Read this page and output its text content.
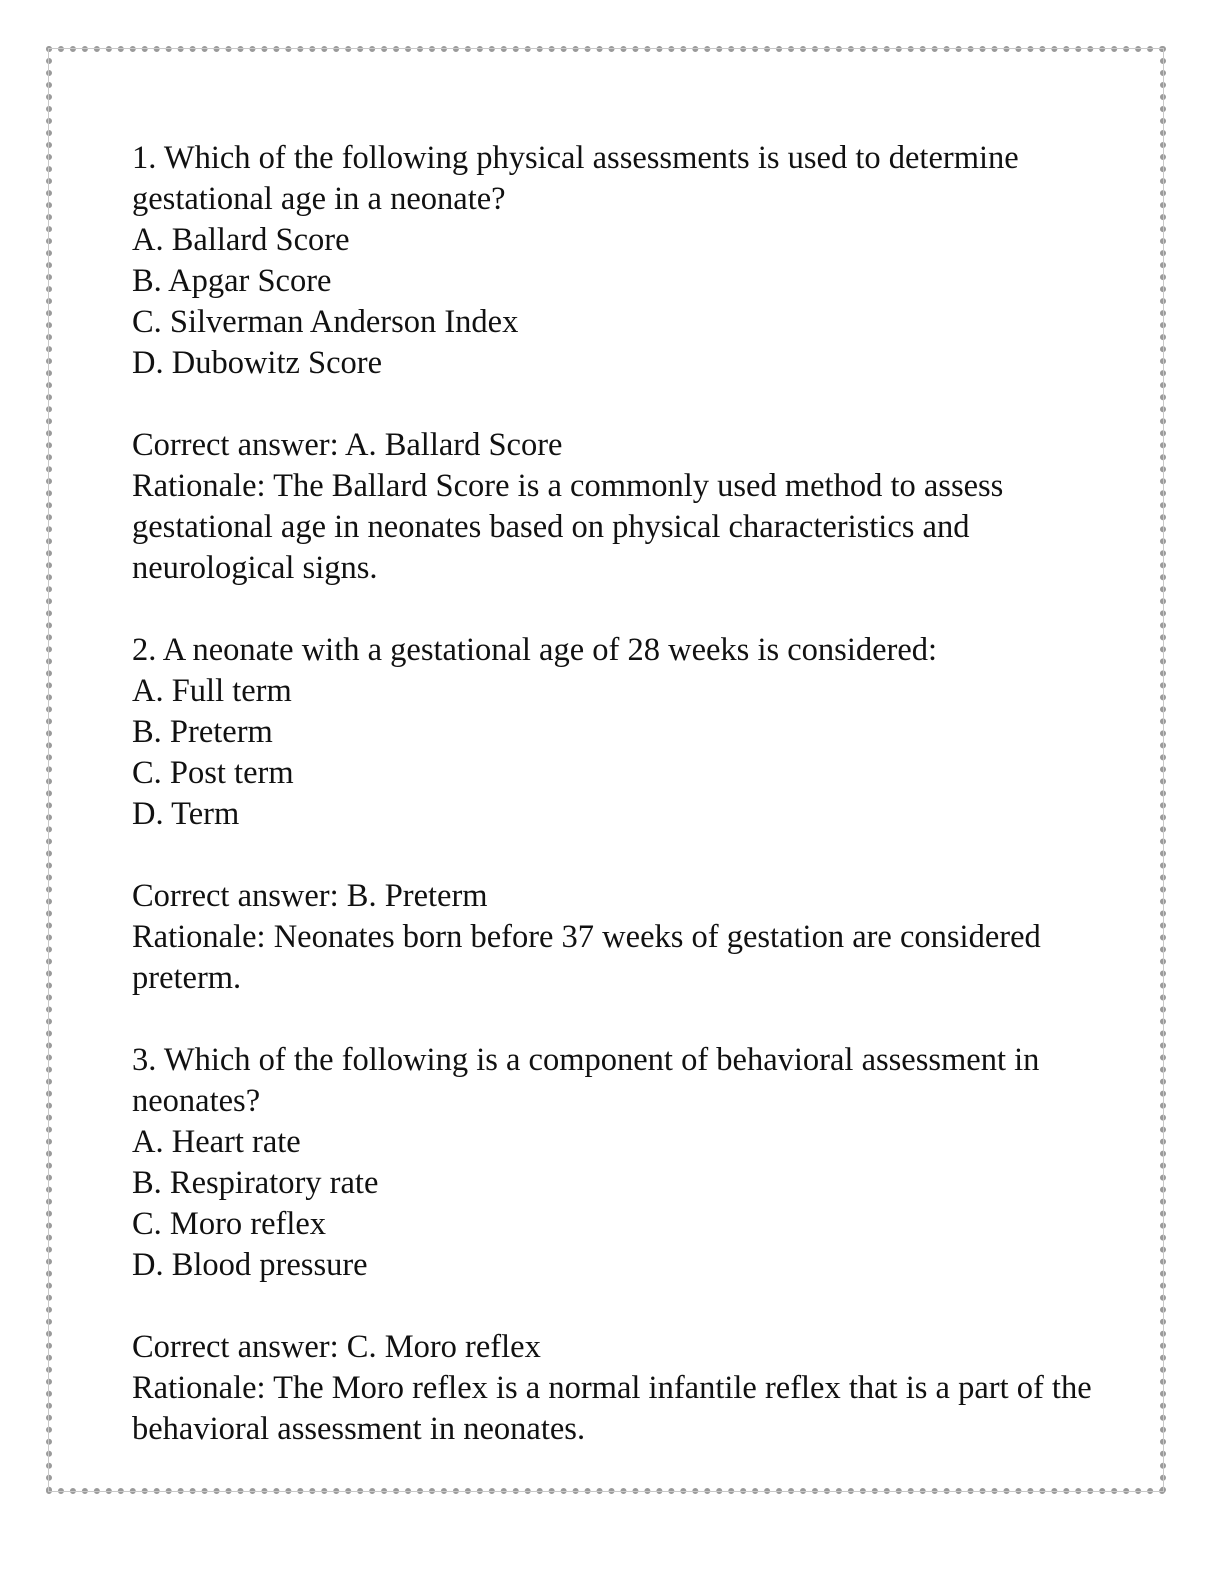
1. Which of the following physical assessments is used to determine gestational age in a neonate?
A. Ballard Score
B. Apgar Score
C. Silverman Anderson Index
D. Dubowitz Score
Correct answer: A. Ballard Score
Rationale: The Ballard Score is a commonly used method to assess gestational age in neonates based on physical characteristics and neurological signs.
2. A neonate with a gestational age of 28 weeks is considered:
A. Full term
B. Preterm
C. Post term
D. Term
Correct answer: B. Preterm
Rationale: Neonates born before 37 weeks of gestation are considered preterm.
3. Which of the following is a component of behavioral assessment in neonates?
A. Heart rate
B. Respiratory rate
C. Moro reflex
D. Blood pressure
Correct answer: C. Moro reflex
Rationale: The Moro reflex is a normal infantile reflex that is a part of the behavioral assessment in neonates.
